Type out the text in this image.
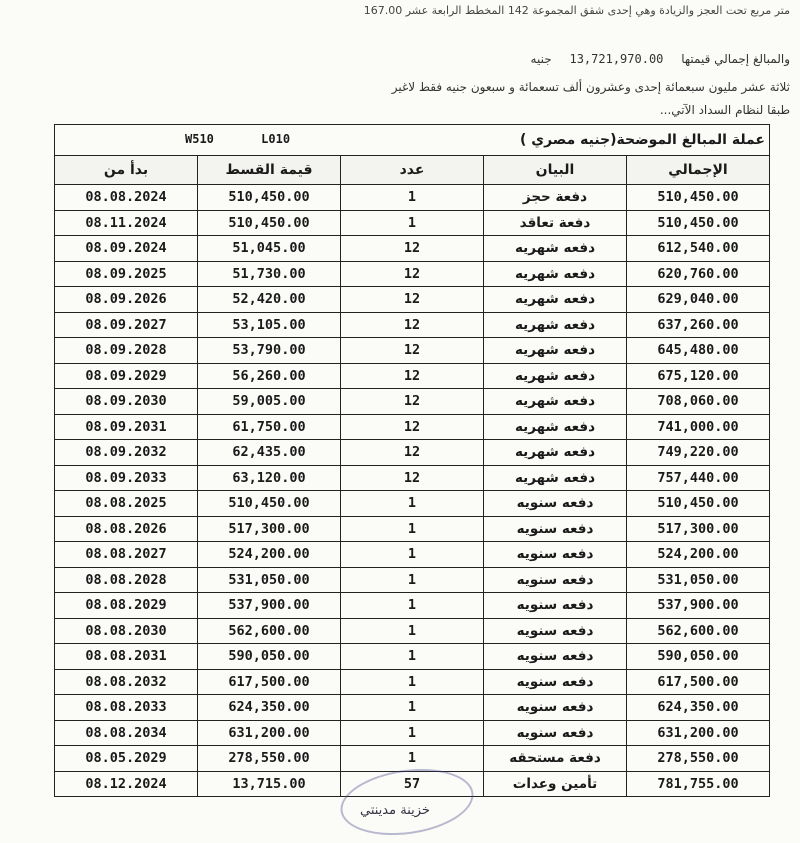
متر مربع تحت العجز والزيادة وهي إحدى شقق المجموعة 142 المخطط الرابعة عشر 167.00
والمبالغ إجمالي قيمتها 13,721,970.00 جنيه
ثلاثة عشر مليون سبعمائة إحدى وعشرون ألف تسعمائة و سبعون جنيه فقط لاغير
طبقا لنظام السداد الآتي...
عملة المبالغ الموضحة(جنيه مصري )
W510 L010				

بدأ من	قيمة القسط	عدد	البيان	الإجمالي
08.08.2024	510,450.00	1	دفعة حجز	510,450.00
08.11.2024	510,450.00	1	دفعة تعاقد	510,450.00
08.09.2024	51,045.00	12	دفعه شهريه	612,540.00
08.09.2025	51,730.00	12	دفعه شهريه	620,760.00
08.09.2026	52,420.00	12	دفعه شهريه	629,040.00
08.09.2027	53,105.00	12	دفعه شهريه	637,260.00
08.09.2028	53,790.00	12	دفعه شهريه	645,480.00
08.09.2029	56,260.00	12	دفعه شهريه	675,120.00
08.09.2030	59,005.00	12	دفعه شهريه	708,060.00
08.09.2031	61,750.00	12	دفعه شهريه	741,000.00
08.09.2032	62,435.00	12	دفعه شهريه	749,220.00
08.09.2033	63,120.00	12	دفعه شهريه	757,440.00
08.08.2025	510,450.00	1	دفعه سنويه	510,450.00
08.08.2026	517,300.00	1	دفعه سنويه	517,300.00
08.08.2027	524,200.00	1	دفعه سنويه	524,200.00
08.08.2028	531,050.00	1	دفعه سنويه	531,050.00
08.08.2029	537,900.00	1	دفعه سنويه	537,900.00
08.08.2030	562,600.00	1	دفعه سنويه	562,600.00
08.08.2031	590,050.00	1	دفعه سنويه	590,050.00
08.08.2032	617,500.00	1	دفعه سنويه	617,500.00
08.08.2033	624,350.00	1	دفعه سنويه	624,350.00
08.08.2034	631,200.00	1	دفعه سنويه	631,200.00
08.05.2029	278,550.00	1	دفعة مستحقه	278,550.00
08.12.2024	13,715.00	57	تأمين وعدات	781,755.00
خزينة مدينتي
